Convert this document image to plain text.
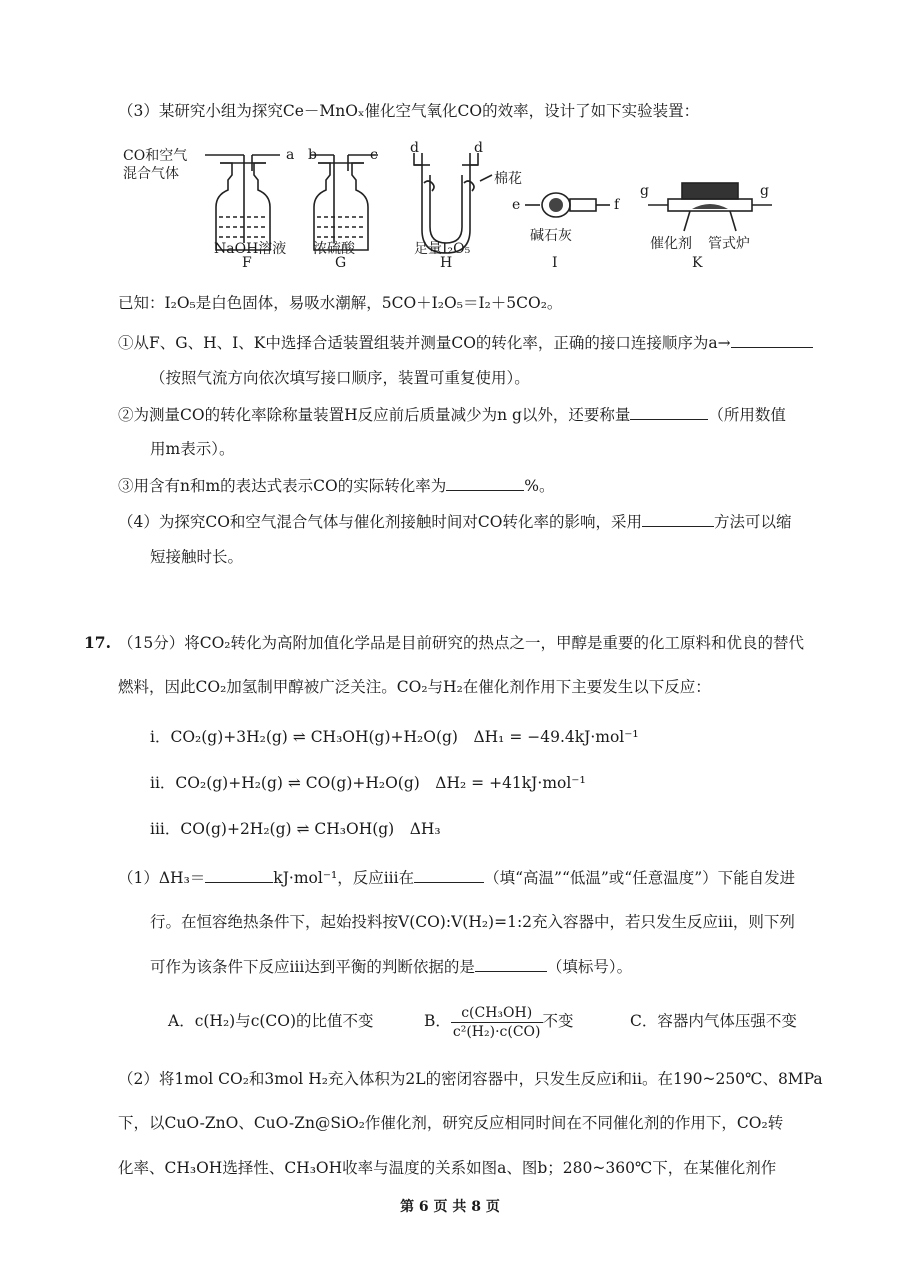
（3）某研究小组为探究Ce－MnOₓ催化空气氧化CO的效率，设计了如下实验装置：
CO和空气
混合气体
a
NaOH溶液
F
b	c
浓硫酸
G
d	d
棉花
足量I₂O₅
H
e	f
碱石灰
I
g	g
催化剂 管式炉
K
已知：I₂O₅是白色固体，易吸水潮解，5CO＋I₂O₅＝I₂＋5CO₂。
①从F、G、H、I、K中选择合适装置组装并测量CO的转化率，正确的接口连接顺序为a→
（按照气流方向依次填写接口顺序，装置可重复使用）。
②为测量CO的转化率除称量装置H反应前后质量减少为n g以外，还要称量	（所用数值
用m表示）。
③用含有n和m的表达式表示CO的实际转化率为	%。
（4）为探究CO和空气混合气体与催化剂接触时间对CO转化率的影响，采用	方法可以缩
短接触时长。
17. （15分）将CO₂转化为高附加值化学品是目前研究的热点之一，甲醇是重要的化工原料和优良的替代
燃料，因此CO₂加氢制甲醇被广泛关注。CO₂与H₂在催化剂作用下主要发生以下反应：
i．CO₂(g)+3H₂(g) ⇌ CH₃OH(g)+H₂O(g)　ΔH₁ = −49.4kJ·mol⁻¹
ii．CO₂(g)+H₂(g) ⇌ CO(g)+H₂O(g)　ΔH₂ = +41kJ·mol⁻¹
iii．CO(g)+2H₂(g) ⇌ CH₃OH(g)　ΔH₃
（1）ΔH₃＝	kJ·mol⁻¹，反应iii在	（填“高温”“低温”或“任意温度”）下能自发进
行。在恒容绝热条件下，起始投料按V(CO):V(H₂)=1:2充入容器中，若只发生反应iii，则下列
可作为该条件下反应iii达到平衡的判断依据的是	（填标号）。
A．c(H₂)与c(CO)的比值不变	B． $\frac{\text{c(CH₃OH)}}{\text{c²(H₂)·c(CO)}}$ 不变	C．容器内气体压强不变
（2）将1mol CO₂和3mol H₂充入体积为2L的密闭容器中，只发生反应i和ii。在190~250℃、8MPa
下，以CuO-ZnO、CuO-Zn@SiO₂作催化剂，研究反应相同时间在不同催化剂的作用下，CO₂转
化率、CH₃OH选择性、CH₃OH收率与温度的关系如图a、图b；280~360℃下，在某催化剂作
第 6 页 共 8 页
